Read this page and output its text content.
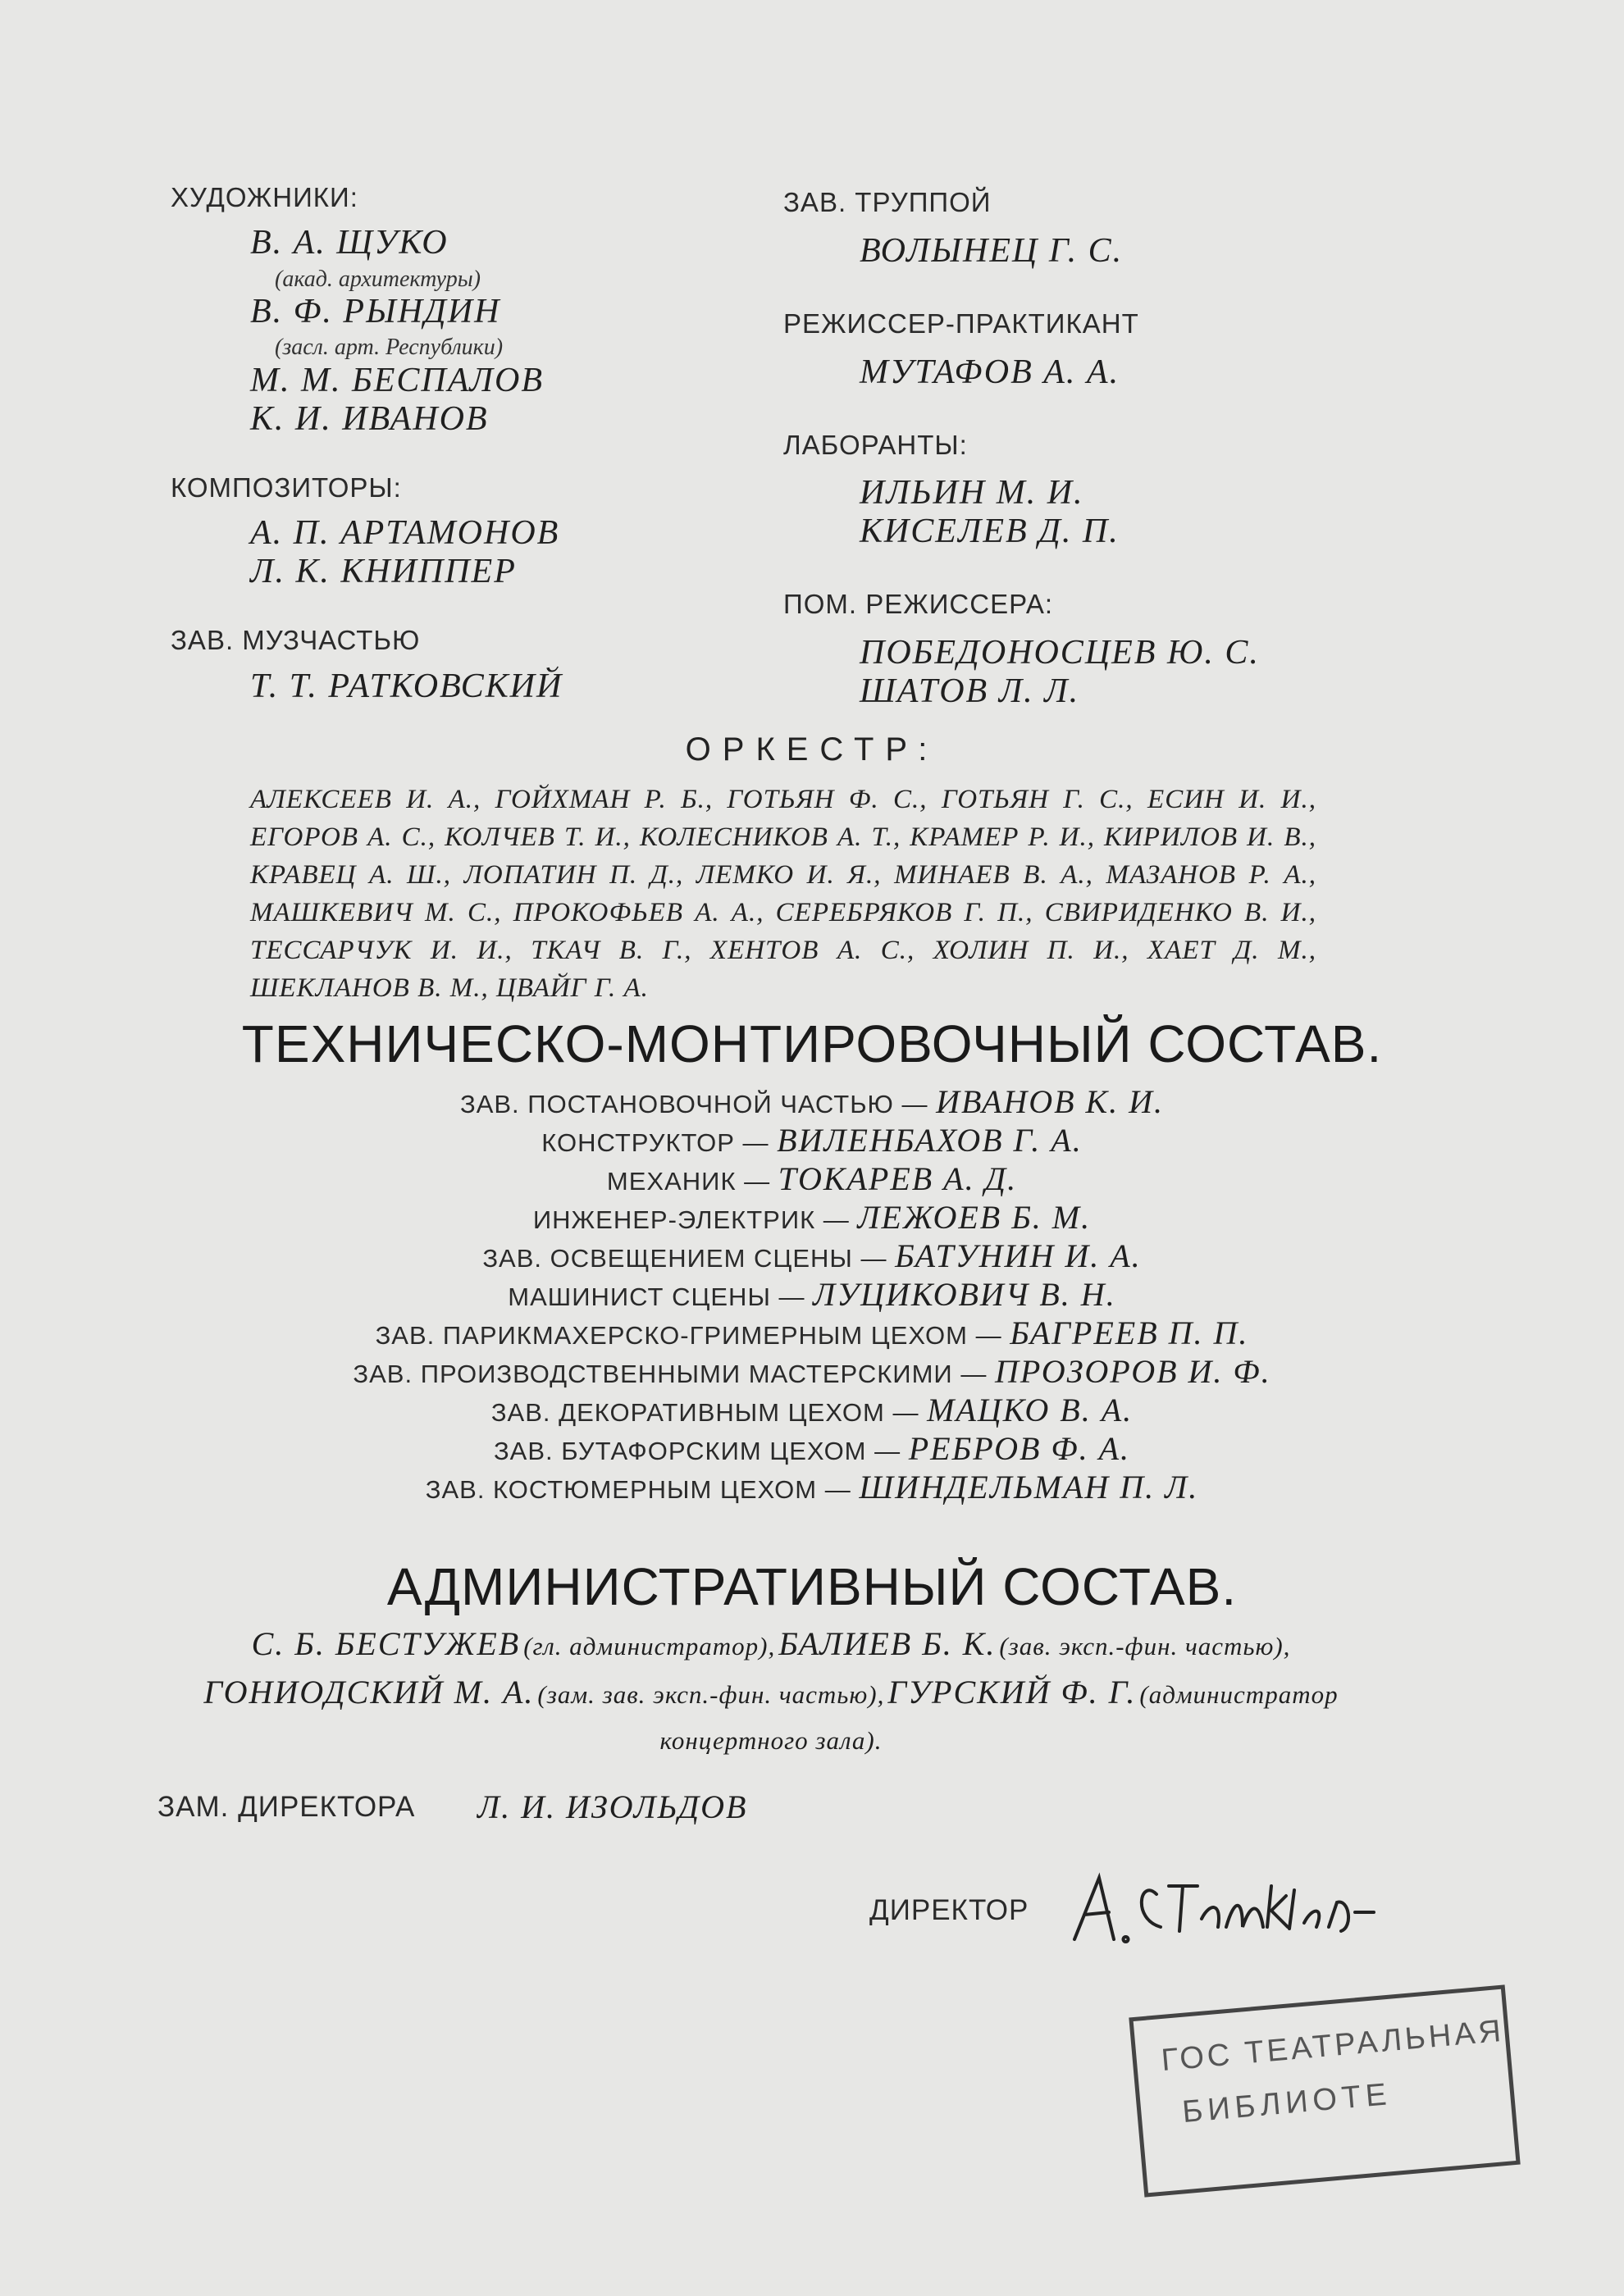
ХУДОЖНИКИ:
В. А. ЩУКО
(акад. архитектуры)
В. Ф. РЫНДИН
(засл. арт. Республики)
М. М. БЕСПАЛОВ
К. И. ИВАНОВ
КОМПОЗИТОРЫ:
А. П. АРТАМОНОВ
Л. К. КНИППЕР
ЗАВ. МУЗЧАСТЬЮ
Т. Т. РАТКОВСКИЙ
ЗАВ. ТРУППОЙ
ВОЛЫНЕЦ Г. С.
РЕЖИССЕР-ПРАКТИКАНТ
МУТАФОВ А. А.
ЛАБОРАНТЫ:
ИЛЬИН М. И.
КИСЕЛЕВ Д. П.
ПОМ. РЕЖИССЕРА:
ПОБЕДОНОСЦЕВ Ю. С.
ШАТОВ Л. Л.
ОРКЕСТР:
АЛЕКСЕЕВ И. А., ГОЙХМАН Р. Б., ГОТЬЯН Ф. С., ГОТЬЯН Г. С., ЕСИН И. И., ЕГОРОВ А. С., КОЛЧЕВ Т. И., КОЛЕСНИКОВ А. Т., КРАМЕР Р. И., КИРИЛОВ И. В., КРАВЕЦ А. Ш., ЛОПАТИН П. Д., ЛЕМКО И. Я., МИНАЕВ В. А., МАЗАНОВ Р. А., МАШКЕВИЧ М. С., ПРОКОФЬЕВ А. А., СЕРЕБРЯКОВ Г. П., СВИРИДЕНКО В. И., ТЕССАРЧУК И. И., ТКАЧ В. Г., ХЕНТОВ А. С., ХОЛИН П. И., ХАЕТ Д. М., ШЕКЛАНОВ В. М., ЦВАЙГ Г. А.
ТЕХНИЧЕСКО-МОНТИРОВОЧНЫЙ СОСТАВ.
ЗАВ. ПОСТАНОВОЧНОЙ ЧАСТЬЮ — ИВАНОВ К. И.
КОНСТРУКТОР — ВИЛЕНБАХОВ Г. А.
МЕХАНИК — ТОКАРЕВ А. Д.
ИНЖЕНЕР-ЭЛЕКТРИК — ЛЕЖОЕВ Б. М.
ЗАВ. ОСВЕЩЕНИЕМ СЦЕНЫ — БАТУНИН И. А.
МАШИНИСТ СЦЕНЫ — ЛУЦИКОВИЧ В. Н.
ЗАВ. ПАРИКМАХЕРСКО-ГРИМЕРНЫМ ЦЕХОМ — БАГРЕЕВ П. П.
ЗАВ. ПРОИЗВОДСТВЕННЫМИ МАСТЕРСКИМИ — ПРОЗОРОВ И. Ф.
ЗАВ. ДЕКОРАТИВНЫМ ЦЕХОМ — МАЦКО В. А.
ЗАВ. БУТАФОРСКИМ ЦЕХОМ — РЕБРОВ Ф. А.
ЗАВ. КОСТЮМЕРНЫМ ЦЕХОМ — ШИНДЕЛЬМАН П. Л.
АДМИНИСТРАТИВНЫЙ СОСТАВ.
С. Б. БЕСТУЖЕВ (гл. администратор), БАЛИЕВ Б. К. (зав. эксп.-фин. частью),
ГОНИОДСКИЙ М. А. (зам. зав. эксп.-фин. частью), ГУРСКИЙ Ф. Г. (администратор концертного зала).
ЗАМ. ДИРЕКТОРА Л. И. ИЗОЛЬДОВ
ДИРЕКТОР
ГОС ТЕАТРАЛЬНАЯ
БИБЛИОТЕ
